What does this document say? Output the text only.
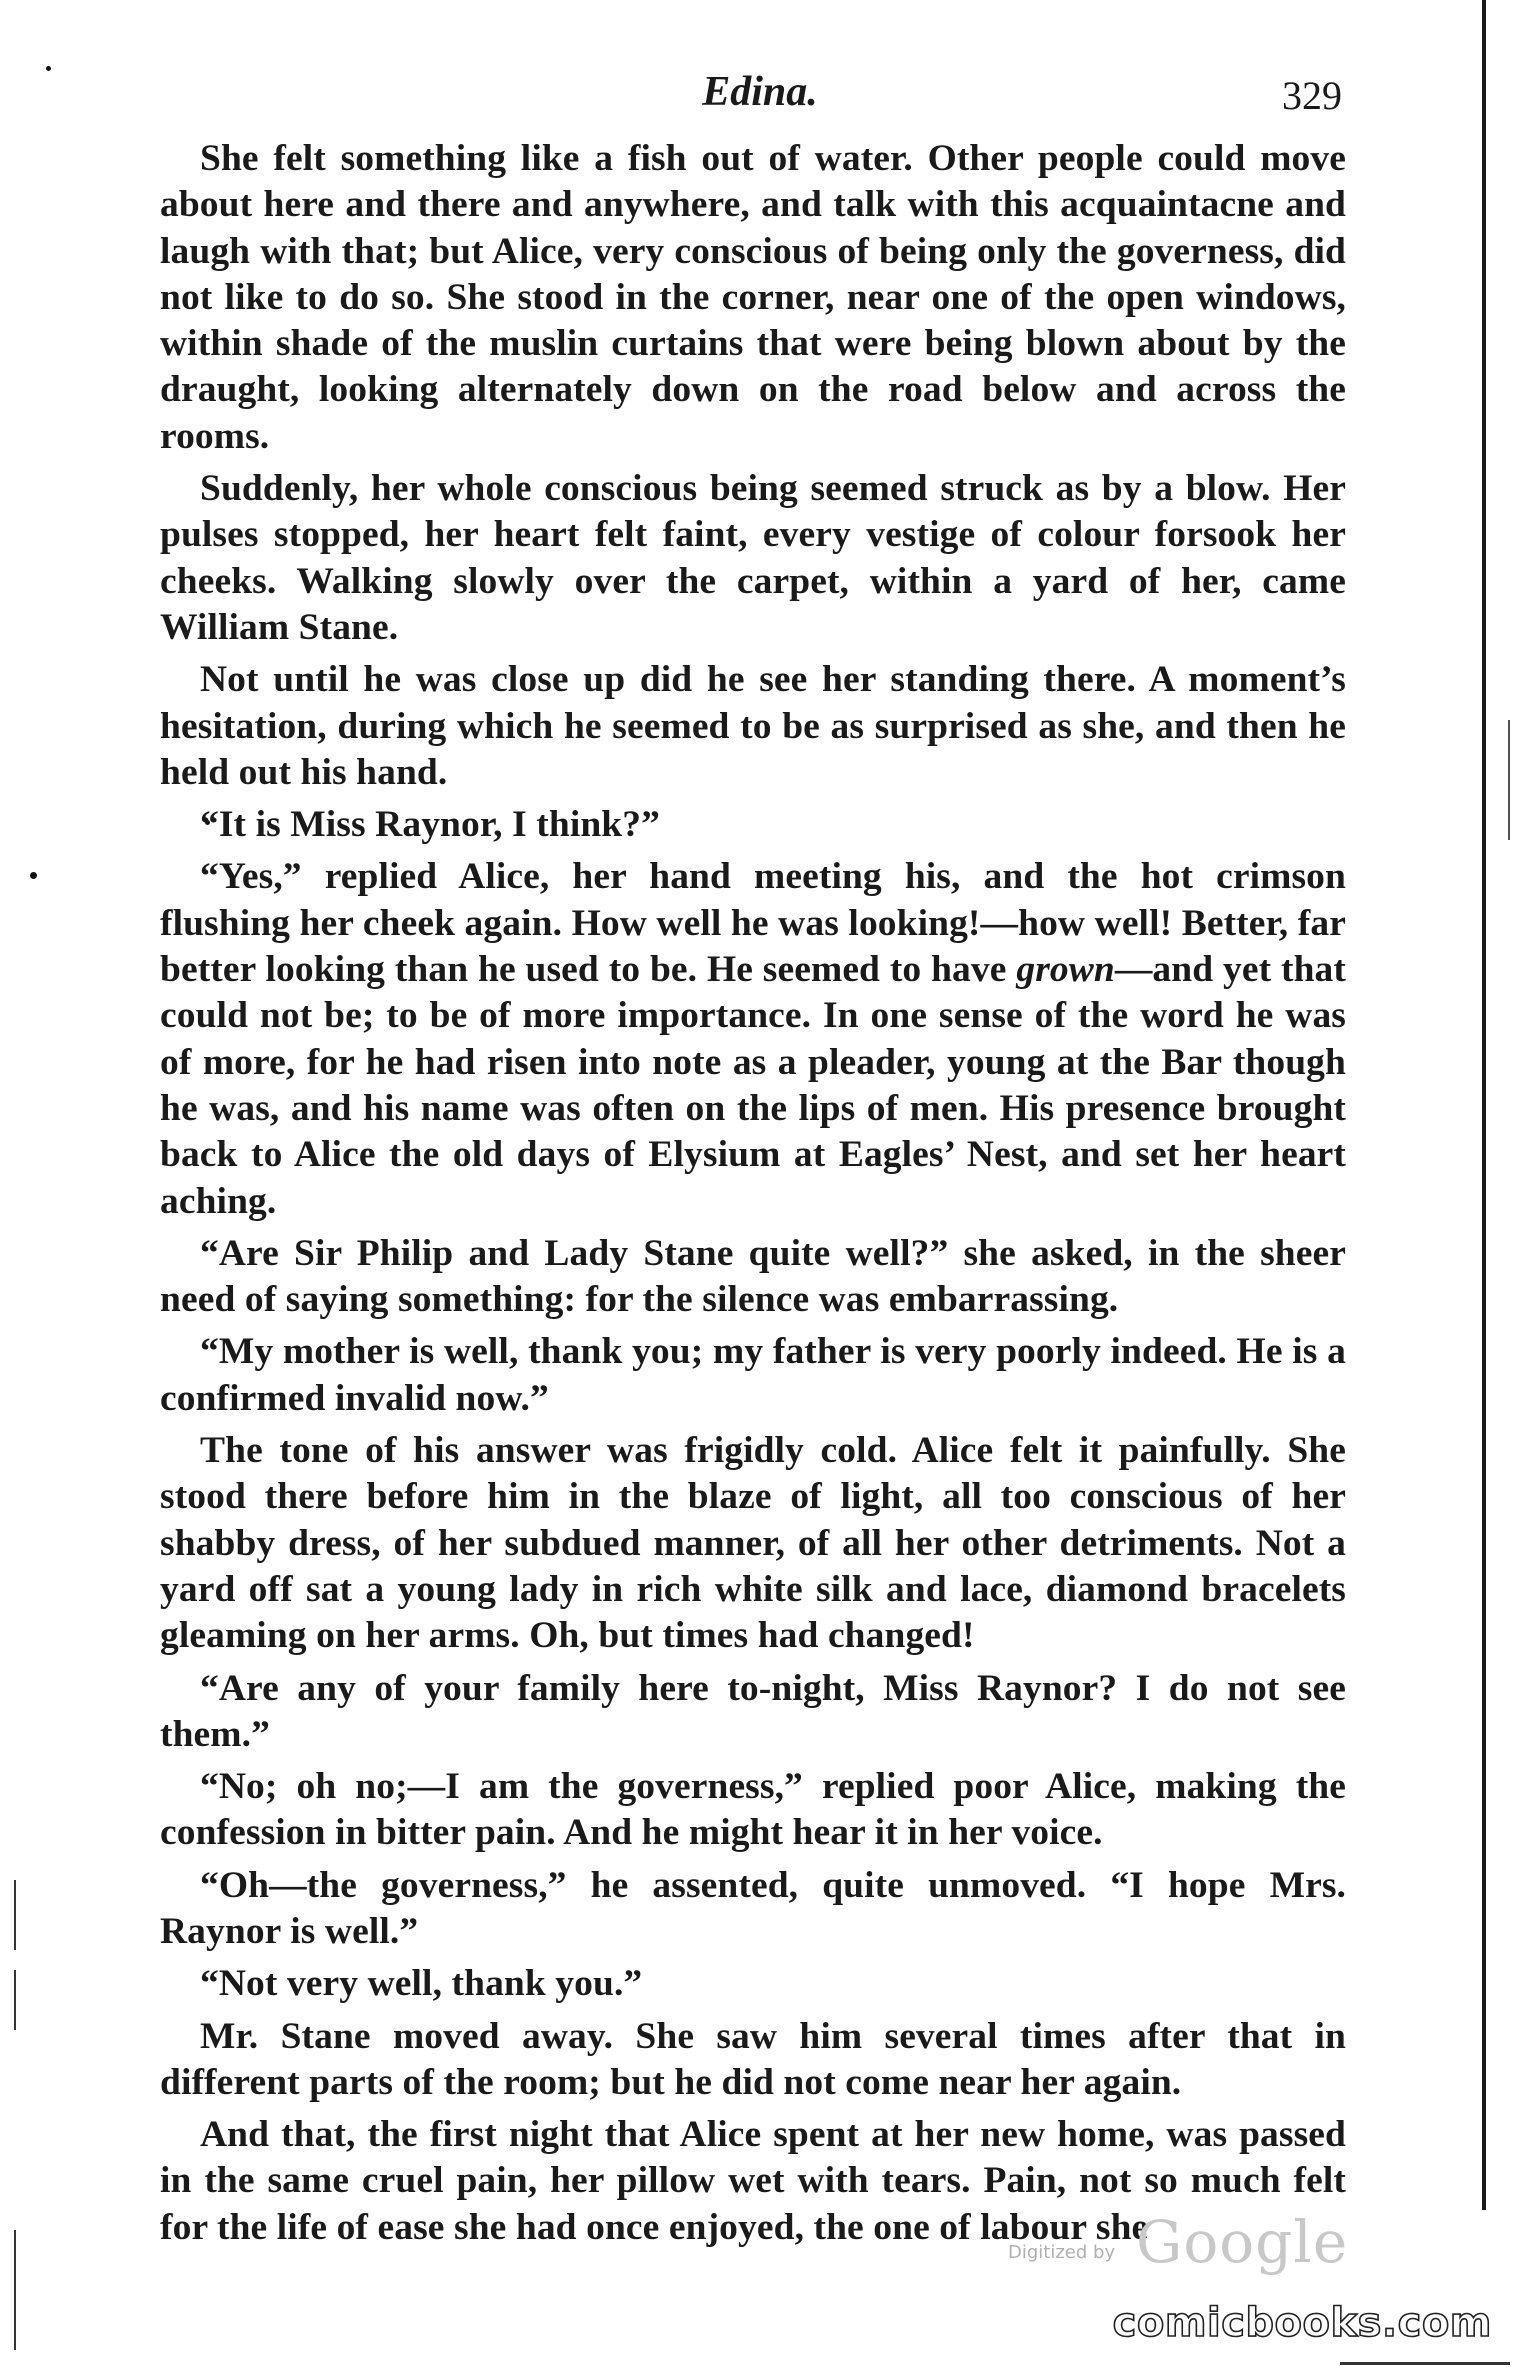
Edina.	329

She felt something like a fish out of water. Other people could move about here and there and anywhere, and talk with this acquaintacne and laugh with that; but Alice, very conscious of being only the governess, did not like to do so. She stood in the corner, near one of the open windows, within shade of the muslin curtains that were being blown about by the draught, looking alternately down on the road below and across the rooms.

Suddenly, her whole conscious being seemed struck as by a blow. Her pulses stopped, her heart felt faint, every vestige of colour forsook her cheeks. Walking slowly over the carpet, within a yard of her, came William Stane.

Not until he was close up did he see her standing there. A moment’s hesitation, during which he seemed to be as surprised as she, and then he held out his hand.

“It is Miss Raynor, I think?”

“Yes,” replied Alice, her hand meeting his, and the hot crimson flushing her cheek again. How well he was looking!—how well! Better, far better looking than he used to be. He seemed to have grown—and yet that could not be; to be of more importance. In one sense of the word he was of more, for he had risen into note as a pleader, young at the Bar though he was, and his name was often on the lips of men. His presence brought back to Alice the old days of Elysium at Eagles’ Nest, and set her heart aching.

“Are Sir Philip and Lady Stane quite well?” she asked, in the sheer need of saying something: for the silence was embarrassing.

“My mother is well, thank you; my father is very poorly indeed. He is a confirmed invalid now.”

The tone of his answer was frigidly cold. Alice felt it painfully. She stood there before him in the blaze of light, all too conscious of her shabby dress, of her subdued manner, of all her other detriments. Not a yard off sat a young lady in rich white silk and lace, diamond bracelets gleaming on her arms. Oh, but times had changed!

“Are any of your family here to-night, Miss Raynor? I do not see them.”

“No; oh no;—I am the governess,” replied poor Alice, making the confession in bitter pain. And he might hear it in her voice.

“Oh—the governess,” he assented, quite unmoved. “I hope Mrs. Raynor is well.”

“Not very well, thank you.”

Mr. Stane moved away. She saw him several times after that in different parts of the room; but he did not come near her again.

And that, the first night that Alice spent at her new home, was passed in the same cruel pain, her pillow wet with tears. Pain, not so much felt for the life of ease she had once enjoyed, the one of labour she

Digitized by Google
comicbooks.com
